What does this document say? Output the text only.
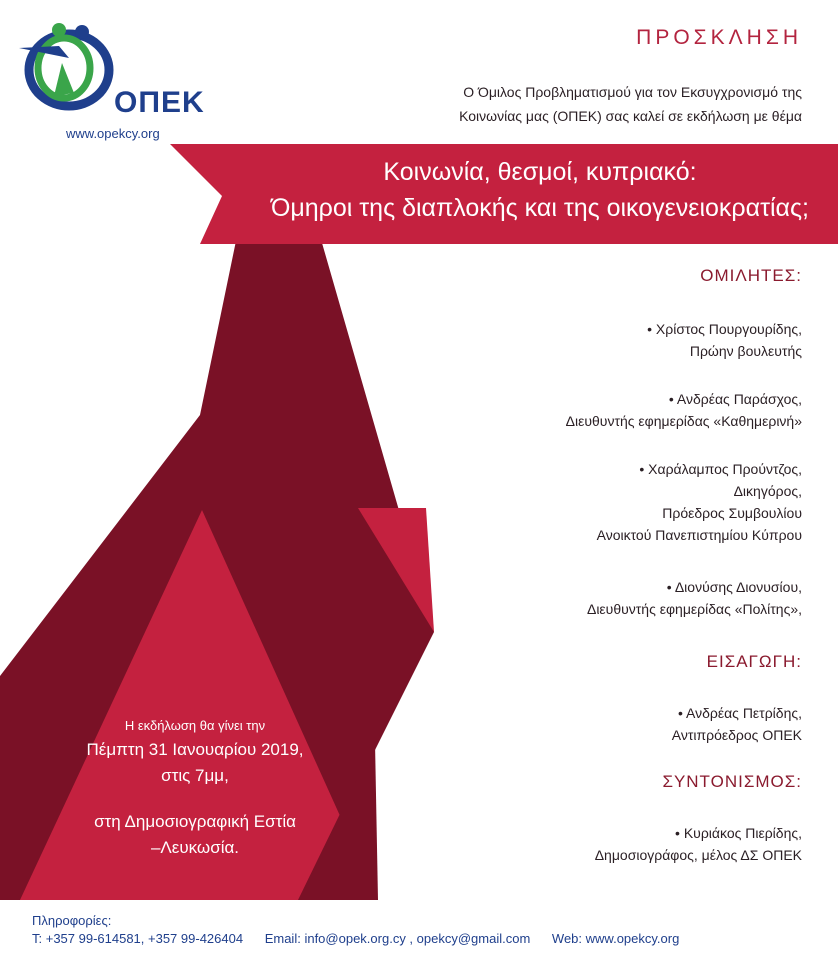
ΟΠΕΚ
www.opekcy.org
ΠΡΟΣΚΛΗΣΗ
Ο Όμιλος Προβληματισμού για τον Εκσυγχρονισμό της
Κοινωνίας μας (ΟΠΕΚ) σας καλεί σε εκδήλωση με θέμα
Κοινωνία, θεσμοί, κυπριακό:
Όμηροι της διαπλοκής και της οικογενειοκρατίας;
ΟΜΙΛΗΤΕΣ:
• Χρίστος Πουργουρίδης,
Πρώην βουλευτής
• Ανδρέας Παράσχος,
Διευθυντής εφημερίδας «Καθημερινή»
• Χαράλαμπος Προύντζος,
Δικηγόρος,
Πρόεδρος Συμβουλίου
Ανοικτού Πανεπιστημίου Κύπρου
• Διονύσης Διονυσίου,
Διευθυντής εφημερίδας «Πολίτης»,
ΕΙΣΑΓΩΓΗ:
• Ανδρέας Πετρίδης,
Αντιπρόεδρος ΟΠΕΚ
ΣΥΝΤΟΝΙΣΜΟΣ:
• Κυριάκος Πιερίδης,
Δημοσιογράφος, μέλος ΔΣ ΟΠΕΚ
Η εκδήλωση θα γίνει την
Πέμπτη 31 Ιανουαρίου 2019,
στις 7μμ,
στη Δημοσιογραφική Εστία
–Λευκωσία.
Πληροφορίες:
T: +357 99-614581, +357 99-426404 Email: info@opek.org.cy , opekcy@gmail.com Web: www.opekcy.org
